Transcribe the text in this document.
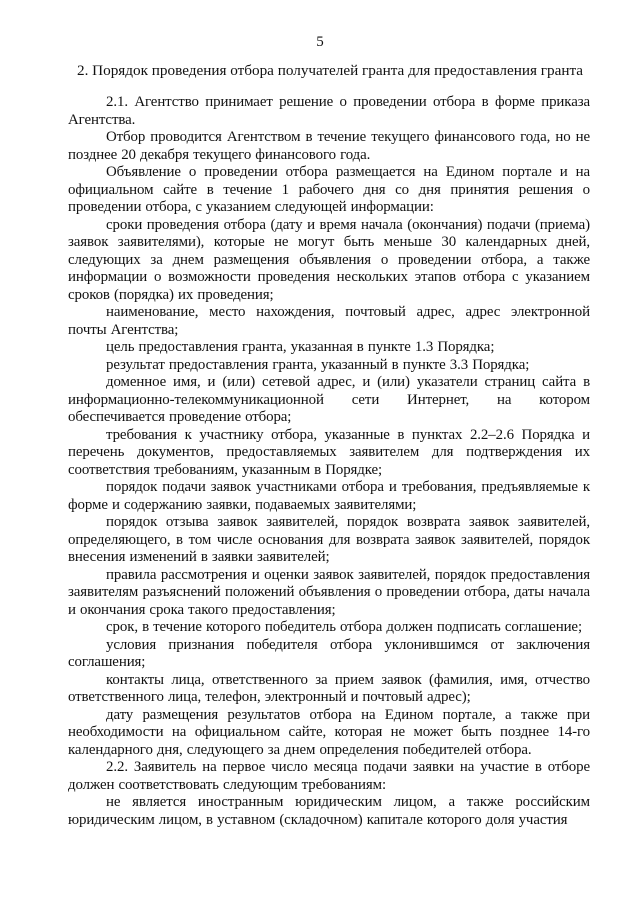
5
2. Порядок проведения отбора получателей гранта для предоставления гранта

2.1. Агентство принимает решение о проведении отбора в форме приказа Агентства.

Отбор проводится Агентством в течение текущего финансового года, но не позднее 20 декабря текущего финансового года.

Объявление о проведении отбора размещается на Едином портале и на официальном сайте в течение 1 рабочего дня со дня принятия решения о проведении отбора, с указанием следующей информации:

сроки проведения отбора (дату и время начала (окончания) подачи (приема) заявок заявителями), которые не могут быть меньше 30 календарных дней, следующих за днем размещения объявления о проведении отбора, а также информации о возможности проведения нескольких этапов отбора с указанием сроков (порядка) их проведения;

наименование, место нахождения, почтовый адрес, адрес электронной почты Агентства;

цель предоставления гранта, указанная в пункте 1.3 Порядка;

результат предоставления гранта, указанный в пункте 3.3 Порядка;

доменное имя, и (или) сетевой адрес, и (или) указатели страниц сайта в информационно-телекоммуникационной сети Интернет, на котором обеспечивается проведение отбора;

требования к участнику отбора, указанные в пунктах 2.2–2.6 Порядка и перечень документов, предоставляемых заявителем для подтверждения их соответствия требованиям, указанным в Порядке;

порядок подачи заявок участниками отбора и требования, предъявляемые к форме и содержанию заявки, подаваемых заявителями;

порядок отзыва заявок заявителей, порядок возврата заявок заявителей, определяющего, в том числе основания для возврата заявок заявителей, порядок внесения изменений в заявки заявителей;

правила рассмотрения и оценки заявок заявителей, порядок предоставления заявителям разъяснений положений объявления о проведении отбора, даты начала и окончания срока такого предоставления;

срок, в течение которого победитель отбора должен подписать соглашение;

условия признания победителя отбора уклонившимся от заключения соглашения;

контакты лица, ответственного за прием заявок (фамилия, имя, отчество ответственного лица, телефон, электронный и почтовый адрес);

дату размещения результатов отбора на Едином портале, а также при необходимости на официальном сайте, которая не может быть позднее 14-го календарного дня, следующего за днем определения победителей отбора.

2.2. Заявитель на первое число месяца подачи заявки на участие в отборе должен соответствовать следующим требованиям:

не является иностранным юридическим лицом, а также российским юридическим лицом, в уставном (складочном) капитале которого доля участия
